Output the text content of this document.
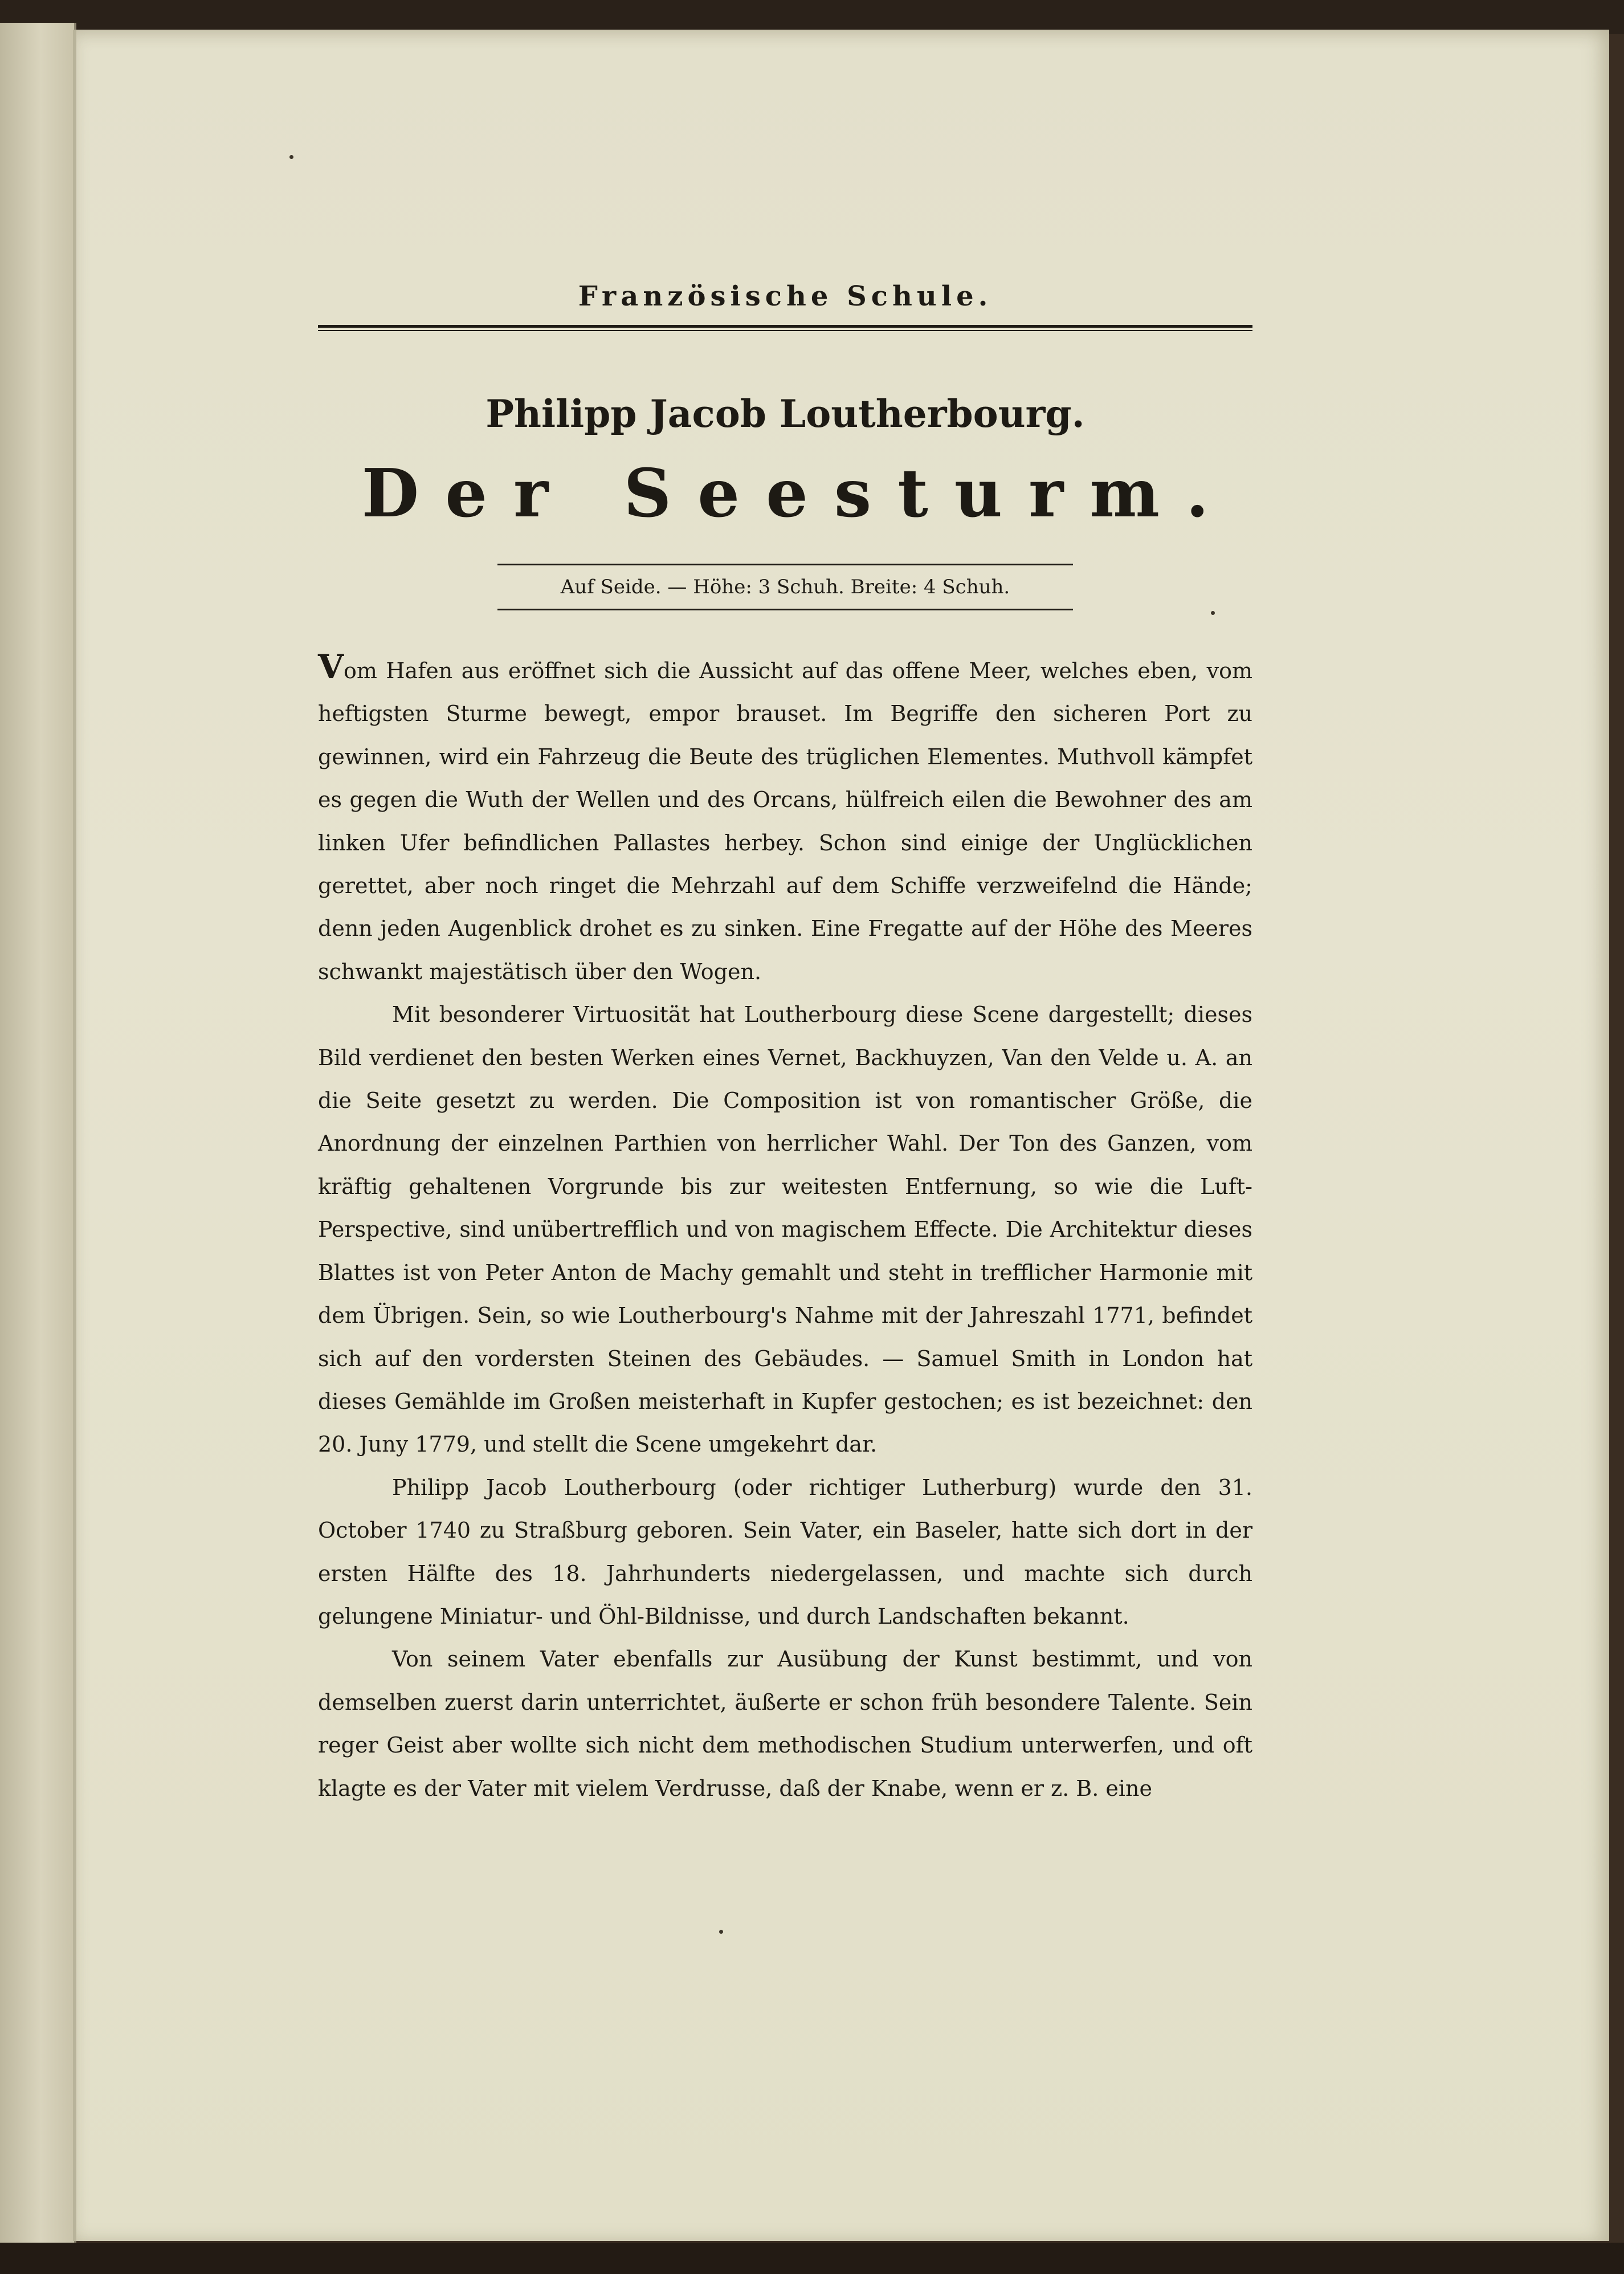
Französische Schule.
Philipp Jacob Loutherbourg.
Der Seesturm.
Auf Seide. — Höhe: 3 Schuh. Breite: 4 Schuh.

Vom Hafen aus eröffnet sich die Aussicht auf das offene Meer, welches eben, vom heftigsten Sturme bewegt, empor brauset. Im Begriffe den sicheren Port zu gewinnen, wird ein Fahrzeug die Beute des trüglichen Elementes. Muthvoll kämpfet es gegen die Wuth der Wellen und des Orcans, hülfreich eilen die Bewohner des am linken Ufer befindlichen Pallastes herbey. Schon sind einige der Unglücklichen gerettet, aber noch ringet die Mehrzahl auf dem Schiffe verzweifelnd die Hände; denn jeden Augenblick drohet es zu sinken. Eine Fregatte auf der Höhe des Meeres schwankt majestätisch über den Wogen.

Mit besonderer Virtuosität hat Loutherbourg diese Scene dargestellt; dieses Bild verdienet den besten Werken eines Vernet, Backhuyzen, Van den Velde u. A. an die Seite gesetzt zu werden. Die Composition ist von romantischer Größe, die Anordnung der einzelnen Parthien von herrlicher Wahl. Der Ton des Ganzen, vom kräftig gehaltenen Vorgrunde bis zur weitesten Entfernung, so wie die Luft-Perspective, sind unübertrefflich und von magischem Effecte. Die Architektur dieses Blattes ist von Peter Anton de Machy gemahlt und steht in trefflicher Harmonie mit dem Übrigen. Sein, so wie Loutherbourg's Nahme mit der Jahreszahl 1771, befindet sich auf den vordersten Steinen des Gebäudes. — Samuel Smith in London hat dieses Gemählde im Großen meisterhaft in Kupfer gestochen; es ist bezeichnet: den 20. Juny 1779, und stellt die Scene umgekehrt dar.

Philipp Jacob Loutherbourg (oder richtiger Lutherburg) wurde den 31. October 1740 zu Straßburg geboren. Sein Vater, ein Baseler, hatte sich dort in der ersten Hälfte des 18. Jahrhunderts niedergelassen, und machte sich durch gelungene Miniatur- und Öhl-Bildnisse, und durch Landschaften bekannt.

Von seinem Vater ebenfalls zur Ausübung der Kunst bestimmt, und von demselben zuerst darin unterrichtet, äußerte er schon früh besondere Talente. Sein reger Geist aber wollte sich nicht dem methodischen Studium unterwerfen, und oft klagte es der Vater mit vielem Verdrusse, daß der Knabe, wenn er z. B. eine
